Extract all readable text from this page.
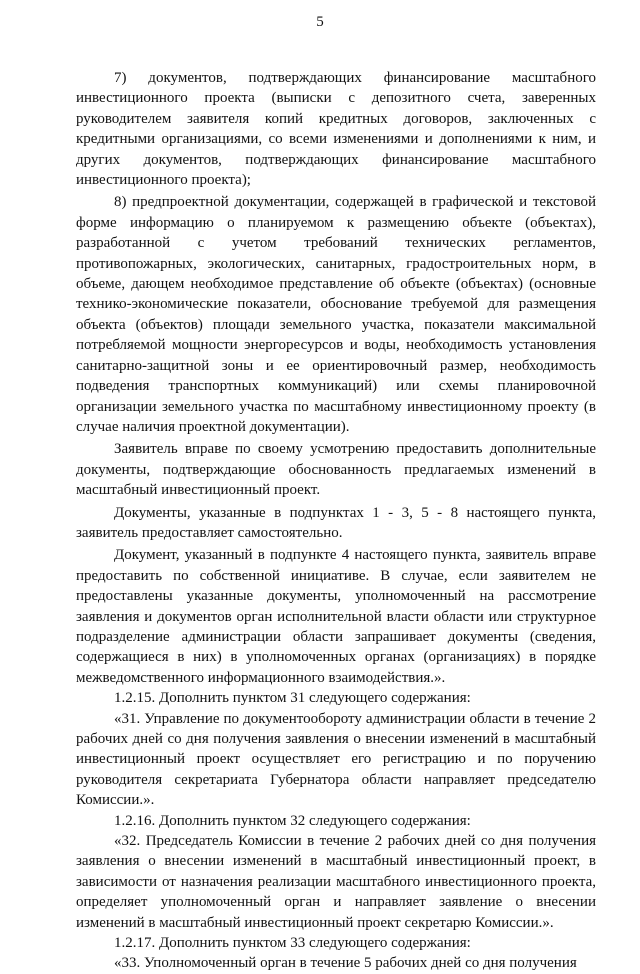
5

7) документов, подтверждающих финансирование масштабного инвестиционного проекта (выписки с депозитного счета, заверенных руководителем заявителя копий кредитных договоров, заключенных с кредитными организациями, со всеми изменениями и дополнениями к ним, и других документов, подтверждающих финансирование масштабного инвестиционного проекта);

8) предпроектной документации, содержащей в графической и текстовой форме информацию о планируемом к размещению объекте (объектах), разработанной с учетом требований технических регламентов, противопожарных, экологических, санитарных, градостроительных норм, в объеме, дающем необходимое представление об объекте (объектах) (основные технико-экономические показатели, обоснование требуемой для размещения объекта (объектов) площади земельного участка, показатели максимальной потребляемой мощности энергоресурсов и воды, необходимость установления санитарно-защитной зоны и ее ориентировочный размер, необходимость подведения транспортных коммуникаций) или схемы планировочной организации земельного участка по масштабному инвестиционному проекту (в случае наличия проектной документации).

Заявитель вправе по своему усмотрению предоставить дополнительные документы, подтверждающие обоснованность предлагаемых изменений в масштабный инвестиционный проект.

Документы, указанные в подпунктах 1 - 3, 5 - 8 настоящего пункта, заявитель предоставляет самостоятельно.

Документ, указанный в подпункте 4 настоящего пункта, заявитель вправе предоставить по собственной инициативе. В случае, если заявителем не предоставлены указанные документы, уполномоченный на рассмотрение заявления и документов орган исполнительной власти области или структурное подразделение администрации области запрашивает документы (сведения, содержащиеся в них) в уполномоченных органах (организациях) в порядке межведомственного информационного взаимодействия.».

1.2.15. Дополнить пунктом 31 следующего содержания:

«31. Управление по документообороту администрации области в течение 2 рабочих дней со дня получения заявления о внесении изменений в масштабный инвестиционный проект осуществляет его регистрацию и по поручению руководителя секретариата Губернатора области направляет председателю Комиссии.».

1.2.16. Дополнить пунктом 32 следующего содержания:

«32. Председатель Комиссии в течение 2 рабочих дней со дня получения заявления о внесении изменений в масштабный инвестиционный проект, в зависимости от назначения реализации масштабного инвестиционного проекта, определяет уполномоченный орган и направляет заявление о внесении изменений в масштабный инвестиционный проект секретарю Комиссии.».

1.2.17. Дополнить пунктом 33 следующего содержания:

«33. Уполномоченный орган в течение 5 рабочих дней со дня получения
